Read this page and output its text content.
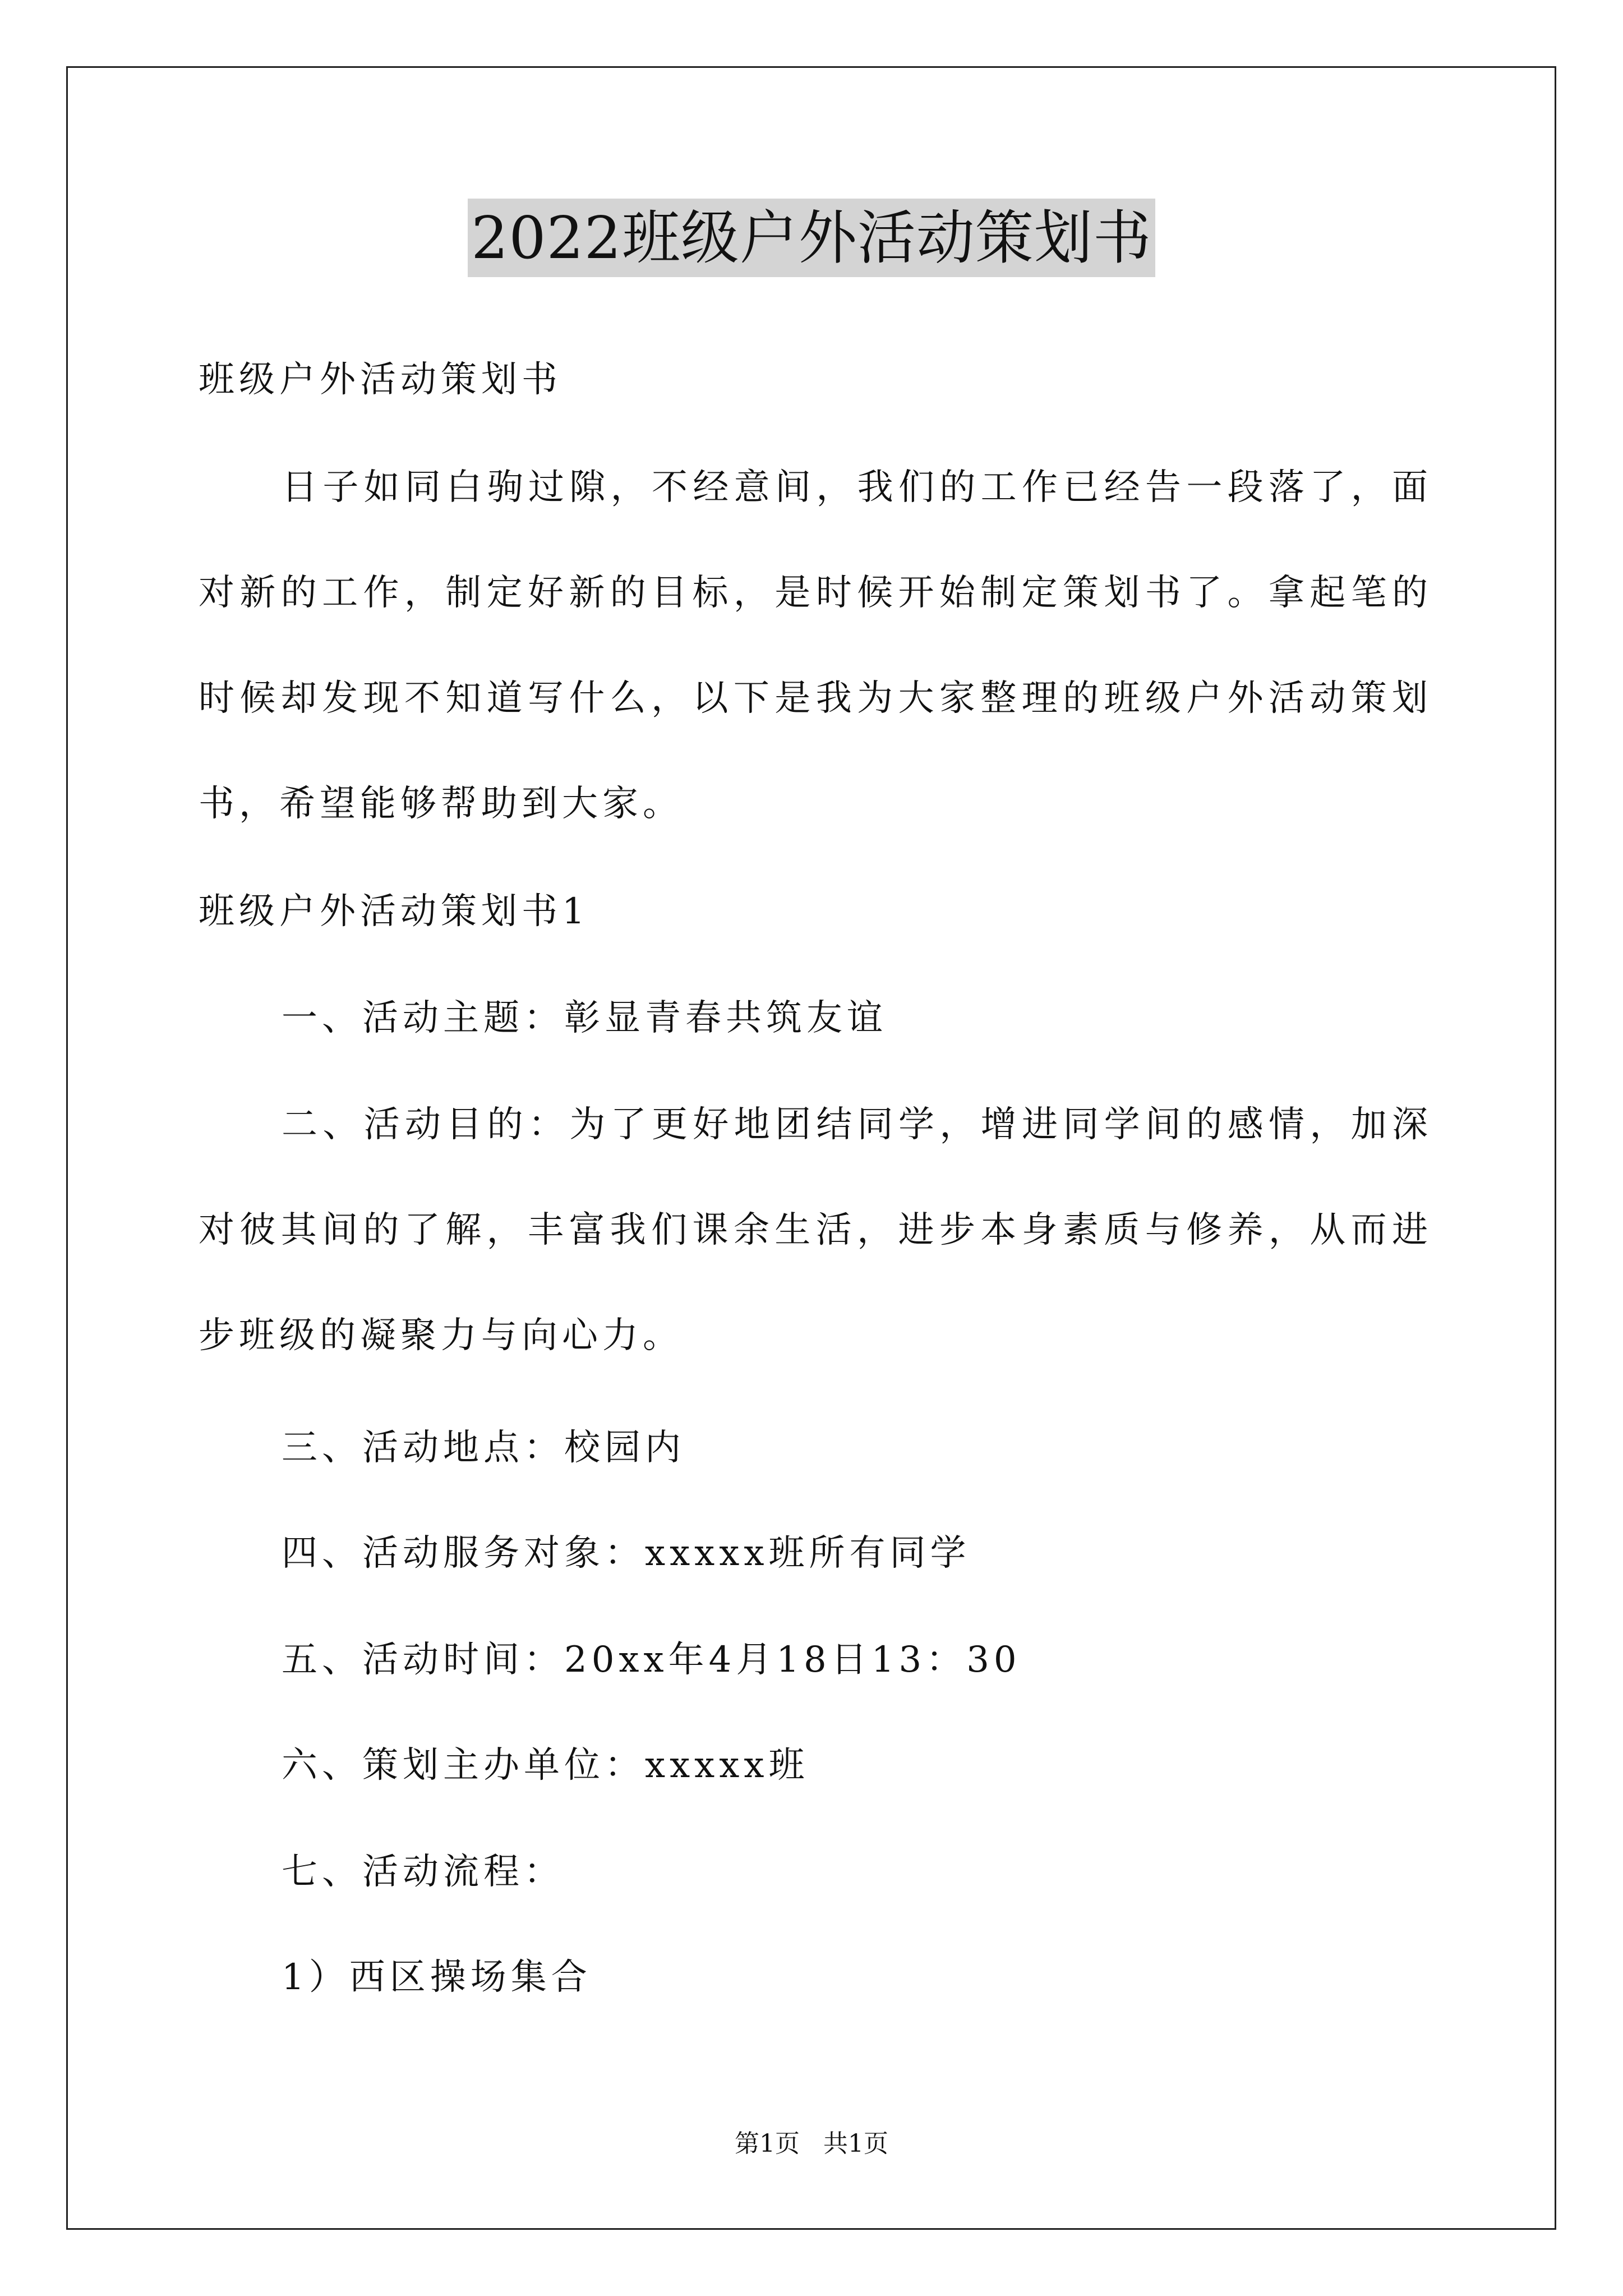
2022班级户外活动策划书

班级户外活动策划书

日子如同白驹过隙，不经意间，我们的工作已经告一段落了，面对新的工作，制定好新的目标，是时候开始制定策划书了。拿起笔的时候却发现不知道写什么，以下是我为大家整理的班级户外活动策划书，希望能够帮助到大家。

班级户外活动策划书1

一、活动主题：彰显青春共筑友谊

二、活动目的：为了更好地团结同学，增进同学间的感情，加深对彼其间的了解，丰富我们课余生活，进步本身素质与修养，从而进步班级的凝聚力与向心力。

三、活动地点：校园内

四、活动服务对象：xxxxx班所有同学

五、活动时间：20xx年4月18日13：30

六、策划主办单位：xxxxx班

七、活动流程：

1）西区操场集合

第1页 共1页
